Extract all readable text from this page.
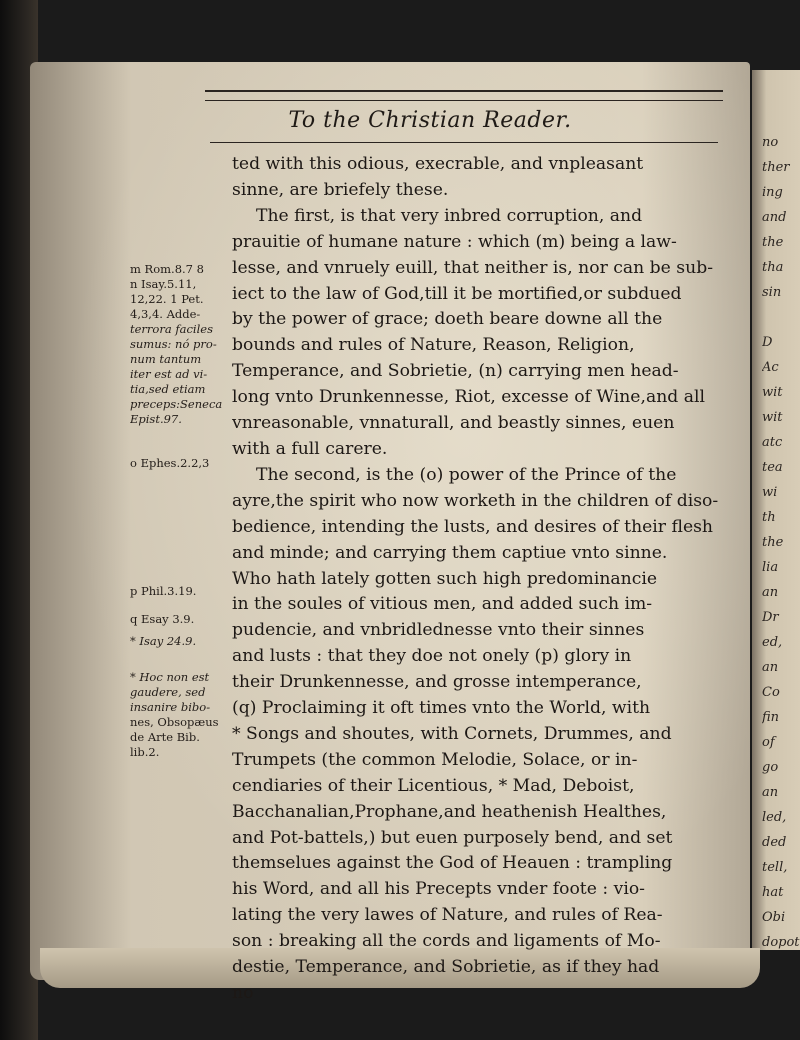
no
ther
ing
and
the
tha
sin

D
Ac
wit
wit
atc
tea
wi
th
the
lia
an
Dr
ed,
an
Co
fin
of
go
an
led,
ded
tell,
hat
Obi
dopot
To the Christian Reader.
ted with this odious, execrable, and vnpleasant
sinne, are briefely these.
The first, is that very inbred corruption, and
prauitie of humane nature : which (m) being a law-
lesse, and vnruely euill, that neither is, nor can be sub-
iect to the law of God,till it be mortified,or subdued
by the power of grace; doeth beare downe all the
bounds and rules of Nature, Reason, Religion,
Temperance, and Sobrietie, (n) carrying men head-
long vnto Drunkennesse, Riot, excesse of Wine,and all
vnreasonable, vnnaturall, and beastly sinnes, euen
with a full carere.
The second, is the (o) power of the Prince of the
ayre,the spirit who now worketh in the children of diso-
bedience, intending the lusts, and desires of their flesh
and minde; and carrying them captiue vnto sinne.
Who hath lately gotten such high predominancie
in the soules of vitious men, and added such im-
pudencie, and vnbridlednesse vnto their sinnes
and lusts : that they doe not onely (p) glory in
their Drunkennesse, and grosse intemperance,
(q) Proclaiming it oft times vnto the World, with
* Songs and shoutes, with Cornets, Drummes, and
Trumpets (the common Melodie, Solace, or in-
cendiaries of their Licentious, * Mad, Deboist,
Bacchanalian,Prophane,and heathenish Healthes,
and Pot-battels,) but euen purposely bend, and set
themselues against the God of Heauen : trampling
his Word, and all his Precepts vnder foote : vio-
lating the very lawes of Nature, and rules of Rea-
son : breaking all the cords and ligaments of Mo-
destie, Temperance, and Sobrietie, as if they had
no
m Rom.8.7 8
n Isay.5.11,
12,22. 1 Pet.
4,3,4. Adde-
terrora faciles
sumus: nó pro-
num tantum
iter est ad vi-
tia,sed etiam
preceps:Seneca
Epist.97.
o Ephes.2.2,3
p Phil.3.19.
q Esay 3.9.
* Isay 24.9.
* Hoc non est
gaudere, sed
insanire bibo-
nes, Obsopæus
de Arte Bib.
lib.2.
